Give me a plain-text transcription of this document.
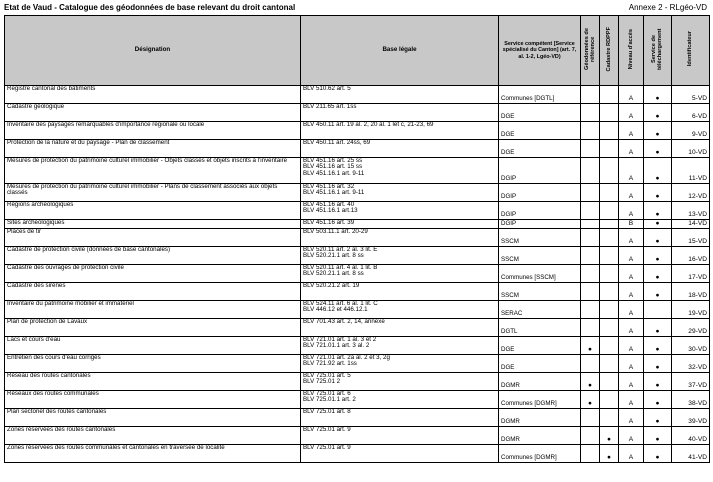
Etat de Vaud - Catalogue des géodonnées de base relevant du droit cantonal	Annexe 2 - RLgéo-VD
Désignation	Base légale	Service compétent [Service spécialisé du Canton] (art. 7, al. 1-2, Lgéo-VD)	Géodonnées de référence	Cadastre RDPPF	Niveau d'accès	Service de téléchargement	Identificateur
Registre cantonal des bâtiments	BLV 510.62 art. 5	Communes [DGTL]			A	●	5-VD
Cadastre géologique	BLV 211.65 art. 1ss	DGE			A	●	6-VD
Inventaire des paysages remarquables d'importance régionale ou locale	BLV 450.11 art. 19 al. 2, 20 al. 1 let c, 21-23, 69	DGE			A	●	9-VD
Protection de la nature et du paysage - Plan de classement	BLV 450.11 art. 24ss, 69	DGE			A	●	10-VD
Mesures de protection du patrimoine culturel immobilier - Objets classés et objets inscrits à l'inventaire	BLV 451.16 art. 25 ss
BLV 451.16 art. 15 ss
BLV 451.16.1 art. 9-11	DGIP			A	●	11-VD
Mesures de protection du patrimoine culturel immobilier - Plans de classement associés aux objets classés	BLV 451.16 art. 32
BLV 451.16.1 art. 9-11	DGIP			A	●	12-VD
Régions archéologiques	BLV 451.16 art. 40
BLV 451.16.1 art.13	DGIP			A	●	13-VD
Sites archéologiques	BLV 451.16 art. 39	DGIP			B	●	14-VD
Places de tir	BLV 503.11.1 art. 20-29	SSCM			A	●	15-VD
Cadastre de protection civile (données de base cantonales)	BLV 520.11 art. 2 al. 3 lit. E
BLV 520.21.1 art. 8 ss	SSCM			A	●	16-VD
Cadastre des ouvrages de protection civile	BLV 520.11 art. 4 al. 1 lit. B
BLV 520.21.1 art. 8 ss	Communes [SSCM]			A	●	17-VD
Cadastre des sirènes	BLV 520.21.2 art. 19	SSCM			A	●	18-VD
Inventaire du patrimoine mobilier et immatériel	BLV 524.11 art. 6 al. 1 lit. C
BLV 446.12 et 446.12.1	SERAC			A		19-VD
Plan de protection de Lavaux	BLV 701.43 art. 2, 14, annexe	DGTL			A	●	29-VD
Lacs et cours d'eau	BLV 721.01 art. 1 al. 3 et 2
BLV 721.01.1 art. 3 al. 2	DGE	●		A	●	30-VD
Entretien des cours d'eau corrigés	BLV 721.01 art. 2a al. 2 et 3, 2g
BLV 721.92 art. 1ss	DGE			A	●	32-VD
Réseau des routes cantonales	BLV 725.01 art. 5
BLV 725.01 2	DGMR	●		A	●	37-VD
Réseaux des routes communales	BLV 725.01 art. 6
BLV 725.01.1 art. 2	Communes [DGMR]	●		A	●	38-VD
Plan sectoriel des routes cantonales	BLV 725.01 art. 8	DGMR			A	●	39-VD
Zones réservées des routes cantonales	BLV 725.01 art. 9	DGMR		●	A	●	40-VD
Zones réservées des routes communales et cantonales en traversée de localité	BLV 725.01 art. 9	Communes [DGMR]		●	A	●	41-VD
